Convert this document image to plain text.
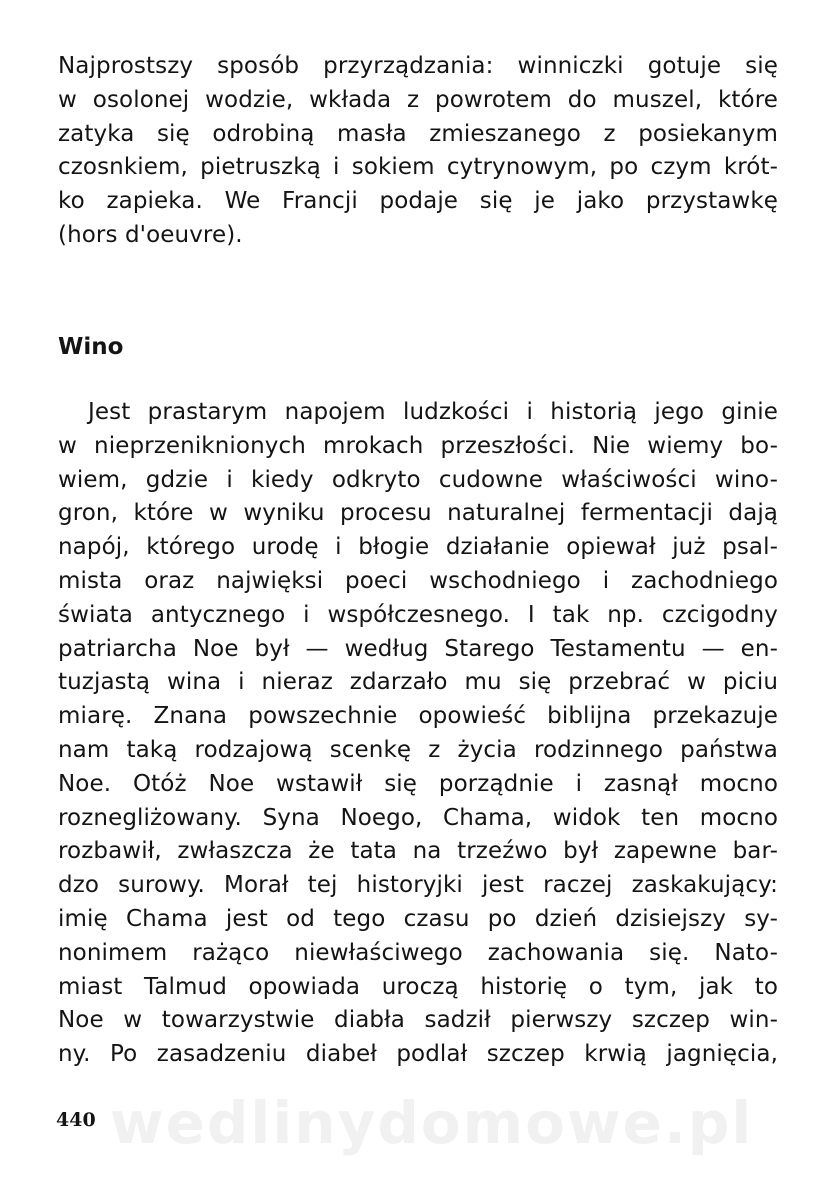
wedlinydomowe.pl
Najprostszy sposób przyrządzania: winniczki gotuje się
w osolonej wodzie, wkłada z powrotem do muszel, które
zatyka się odrobiną masła zmieszanego z posiekanym
czosnkiem, pietruszką i sokiem cytrynowym, po czym krót-
ko zapieka. We Francji podaje się je jako przystawkę
(hors d'oeuvre).
Wino
Jest prastarym napojem ludzkości i historią jego ginie
w nieprzeniknionych mrokach przeszłości. Nie wiemy bo-
wiem, gdzie i kiedy odkryto cudowne właściwości wino-
gron, które w wyniku procesu naturalnej fermentacji dają
napój, którego urodę i błogie działanie opiewał już psal-
mista oraz najwięksi poeci wschodniego i zachodniego
świata antycznego i współczesnego. I tak np. czcigodny
patriarcha Noe był — według Starego Testamentu — en-
tuzjastą wina i nieraz zdarzało mu się przebrać w piciu
miarę. Znana powszechnie opowieść biblijna przekazuje
nam taką rodzajową scenkę z życia rodzinnego państwa
Noe. Otóż Noe wstawił się porządnie i zasnął mocno
roznegliżowany. Syna Noego, Chama, widok ten mocno
rozbawił, zwłaszcza że tata na trzeźwo był zapewne bar-
dzo surowy. Morał tej historyjki jest raczej zaskakujący:
imię Chama jest od tego czasu po dzień dzisiejszy sy-
nonimem rażąco niewłaściwego zachowania się. Nato-
miast Talmud opowiada uroczą historię o tym, jak to
Noe w towarzystwie diabła sadził pierwszy szczep win-
ny. Po zasadzeniu diabeł podlał szczep krwią jagnięcia,
440
